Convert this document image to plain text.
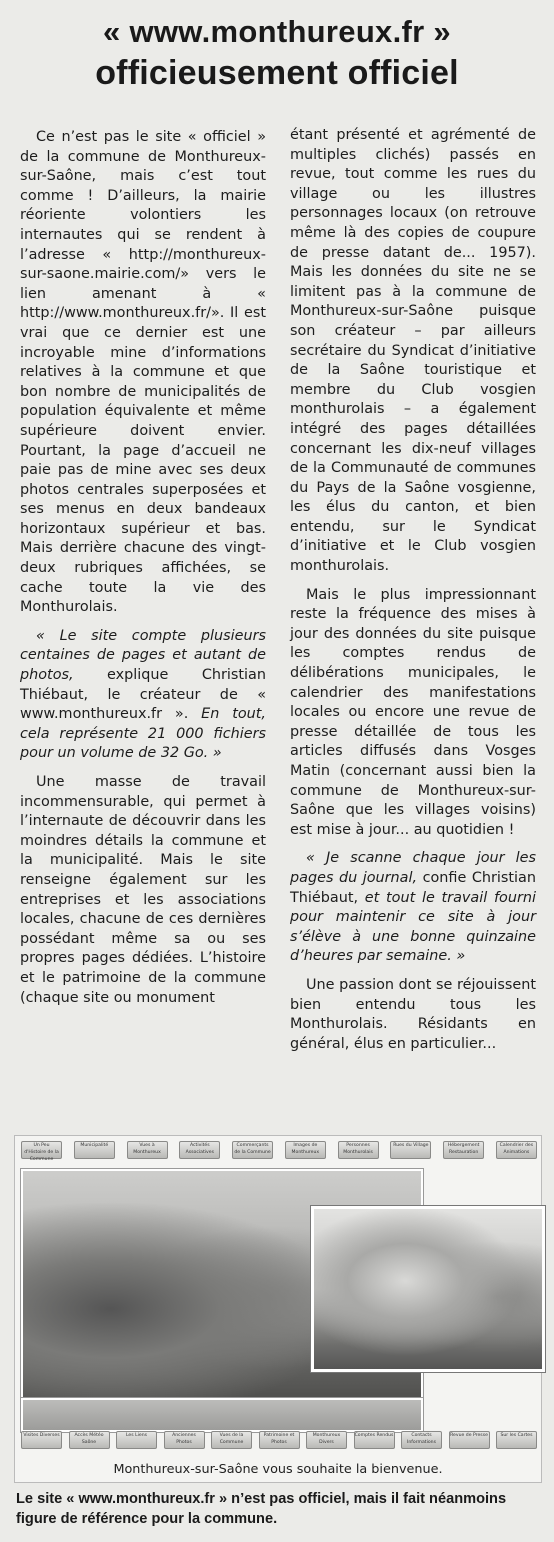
« www.monthureux.fr »
officieusement officiel

Ce n’est pas le site « officiel » de la commune de Monthureux-sur-Saône, mais c’est tout comme ! D’ailleurs, la mairie réoriente volontiers les internautes qui se rendent à l’adresse « http://monthureux-sur-saone.mairie.com/» vers le lien amenant à « http://www.monthureux.fr/». Il est vrai que ce dernier est une incroyable mine d’informations relatives à la commune et que bon nombre de municipalités de population équivalente et même supérieure doivent envier. Pourtant, la page d’accueil ne paie pas de mine avec ses deux photos centrales superposées et ses menus en deux bandeaux horizontaux supérieur et bas. Mais derrière chacune des vingt-deux rubriques affichées, se cache toute la vie des Monthurolais.

« Le site compte plusieurs centaines de pages et autant de photos, explique Christian Thiébaut, le créateur de « www.monthureux.fr ». En tout, cela représente 21 000 fichiers pour un volume de 32 Go. »

Une masse de travail incommensurable, qui permet à l’internaute de découvrir dans les moindres détails la commune et la municipalité. Mais le site renseigne également sur les entreprises et les associations locales, chacune de ces dernières possédant même sa ou ses propres pages dédiées. L’histoire et le patrimoine de la commune (chaque site ou monument

étant présenté et agrémenté de multiples clichés) passés en revue, tout comme les rues du village ou les illustres personnages locaux (on retrouve même là des copies de coupure de presse datant de... 1957). Mais les données du site ne se limitent pas à la commune de Monthureux-sur-Saône puisque son créateur – par ailleurs secrétaire du Syndicat d’initiative de la Saône touristique et membre du Club vosgien monthurolais – a également intégré des pages détaillées concernant les dix-neuf villages de la Communauté de communes du Pays de la Saône vosgienne, les élus du canton, et bien entendu, sur le Syndicat d’initiative et le Club vosgien monthurolais.

Mais le plus impressionnant reste la fréquence des mises à jour des données du site puisque les comptes rendus de délibérations municipales, le calendrier des manifestations locales ou encore une revue de presse détaillée de tous les articles diffusés dans Vosges Matin (concernant aussi bien la commune de Monthureux-sur-Saône que les villages voisins) est mise à jour... au quotidien !

« Je scanne chaque jour les pages du journal, confie Christian Thiébaut, et tout le travail fourni pour maintenir ce site à jour s’élève à une bonne quinzaine d’heures par semaine. »

Une passion dont se réjouissent bien entendu tous les Monthurolais. Résidants en général, élus en particulier...

Un Peu d'Histoire de la Commune
Municipalité	Vues à Monthureux
Activités Associatives
Commerçants de la Commune
Images de Monthureux
Personnes Monthurolais
Rues du Village	Hébergement Restauration
Calendrier des Animations
Visites Diverses	Accès Météo Saône
Les Liens	Anciennes Photos
Vues de la Commune
Patrimoine et Photos
Monthureux Divers
Comptes Rendus	Contacts Informations
Revue de Presse	Sur les Cartes
Monthureux-sur-Saône vous souhaite la bienvenue.
Le site « www.monthureux.fr » n’est pas officiel, mais il fait néanmoins figure de référence pour la commune.
